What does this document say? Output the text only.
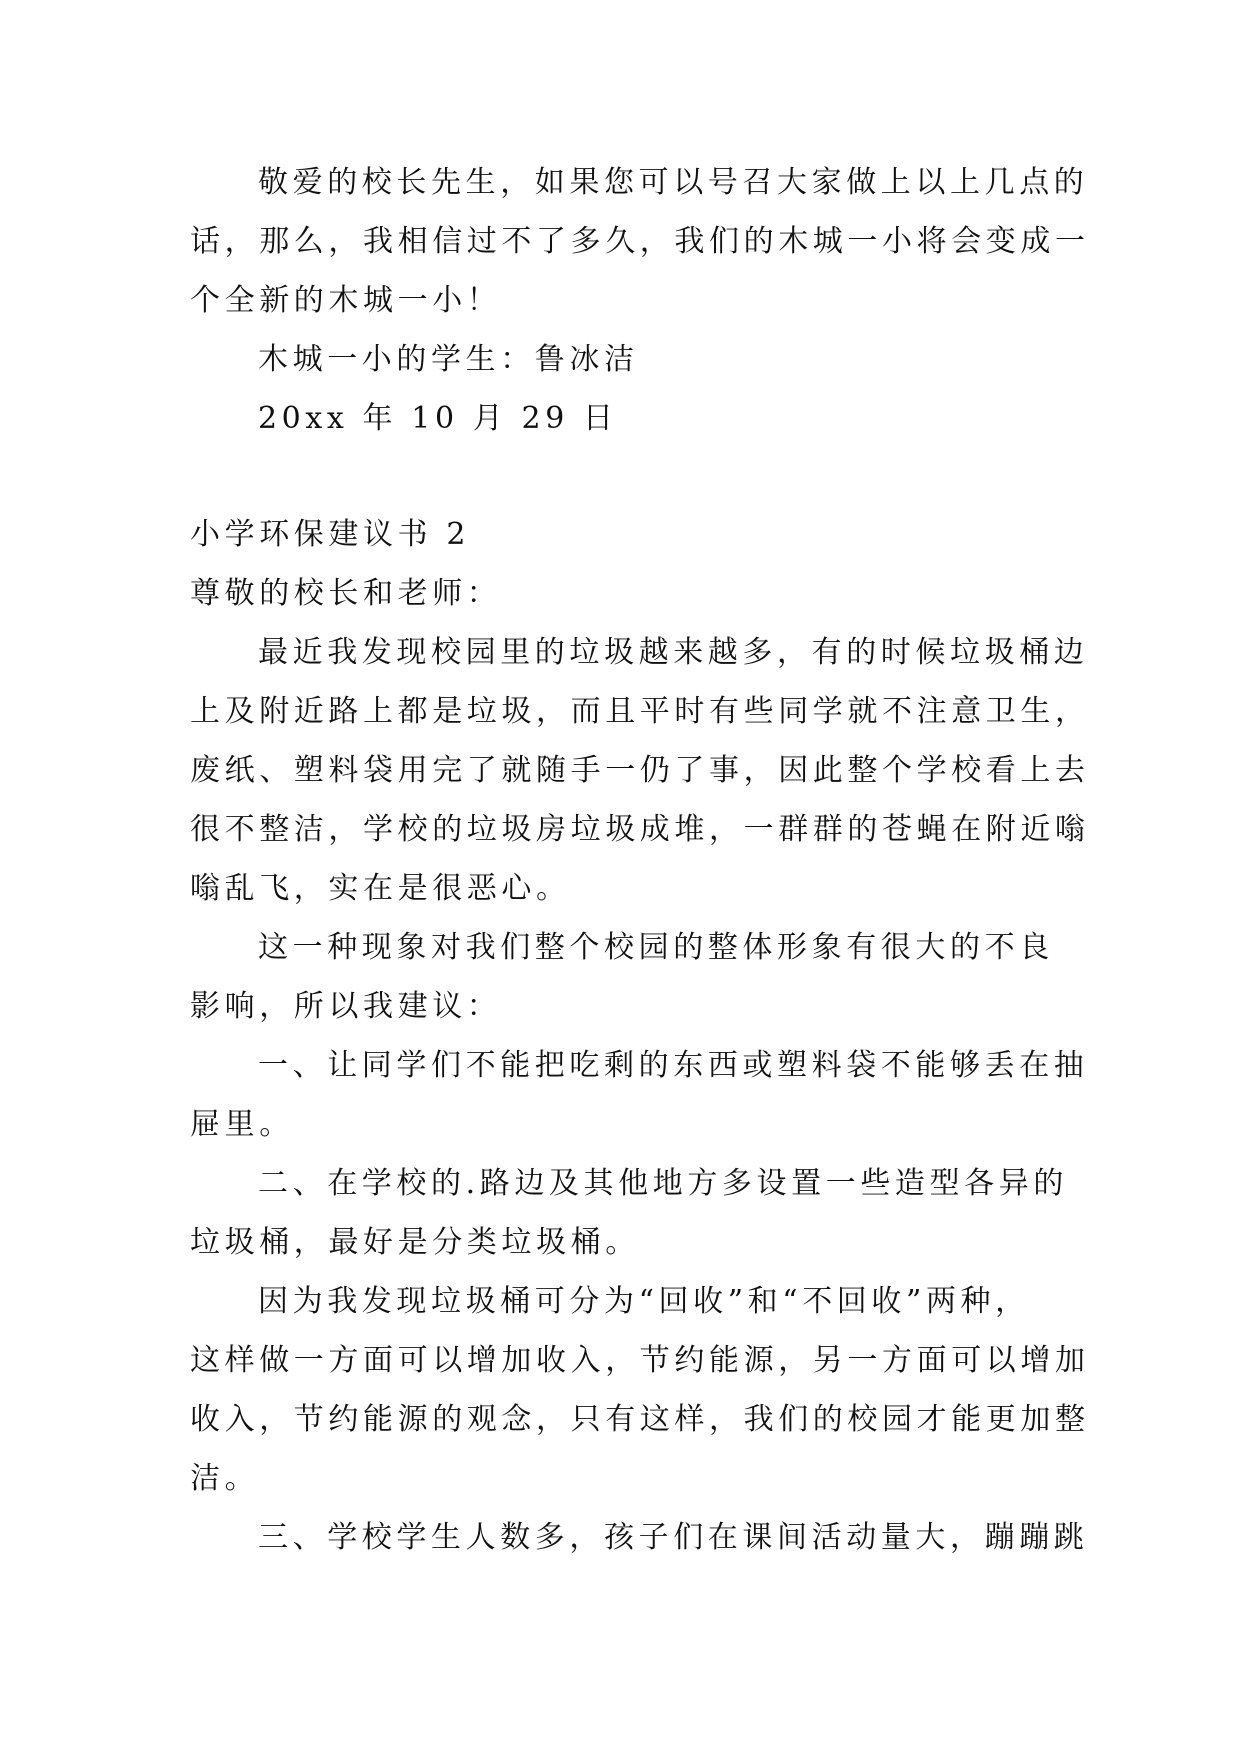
敬爱的校长先生，如果您可以号召大家做上以上几点的
话，那么，我相信过不了多久，我们的木城一小将会变成一
个全新的木城一小！
木城一小的学生：鲁冰洁
20xx 年 10 月 29 日
小学环保建议书 2
尊敬的校长和老师：
最近我发现校园里的垃圾越来越多，有的时候垃圾桶边
上及附近路上都是垃圾，而且平时有些同学就不注意卫生，
废纸、塑料袋用完了就随手一仍了事，因此整个学校看上去
很不整洁，学校的垃圾房垃圾成堆，一群群的苍蝇在附近嗡
嗡乱飞，实在是很恶心。
这一种现象对我们整个校园的整体形象有很大的不良
影响，所以我建议：
一、让同学们不能把吃剩的东西或塑料袋不能够丢在抽
屉里。
二、在学校的.路边及其他地方多设置一些造型各异的
垃圾桶，最好是分类垃圾桶。
因为我发现垃圾桶可分为“回收”和“不回收”两种，
这样做一方面可以增加收入，节约能源，另一方面可以增加
收入，节约能源的观念，只有这样，我们的校园才能更加整
洁。
三、学校学生人数多，孩子们在课间活动量大，蹦蹦跳
